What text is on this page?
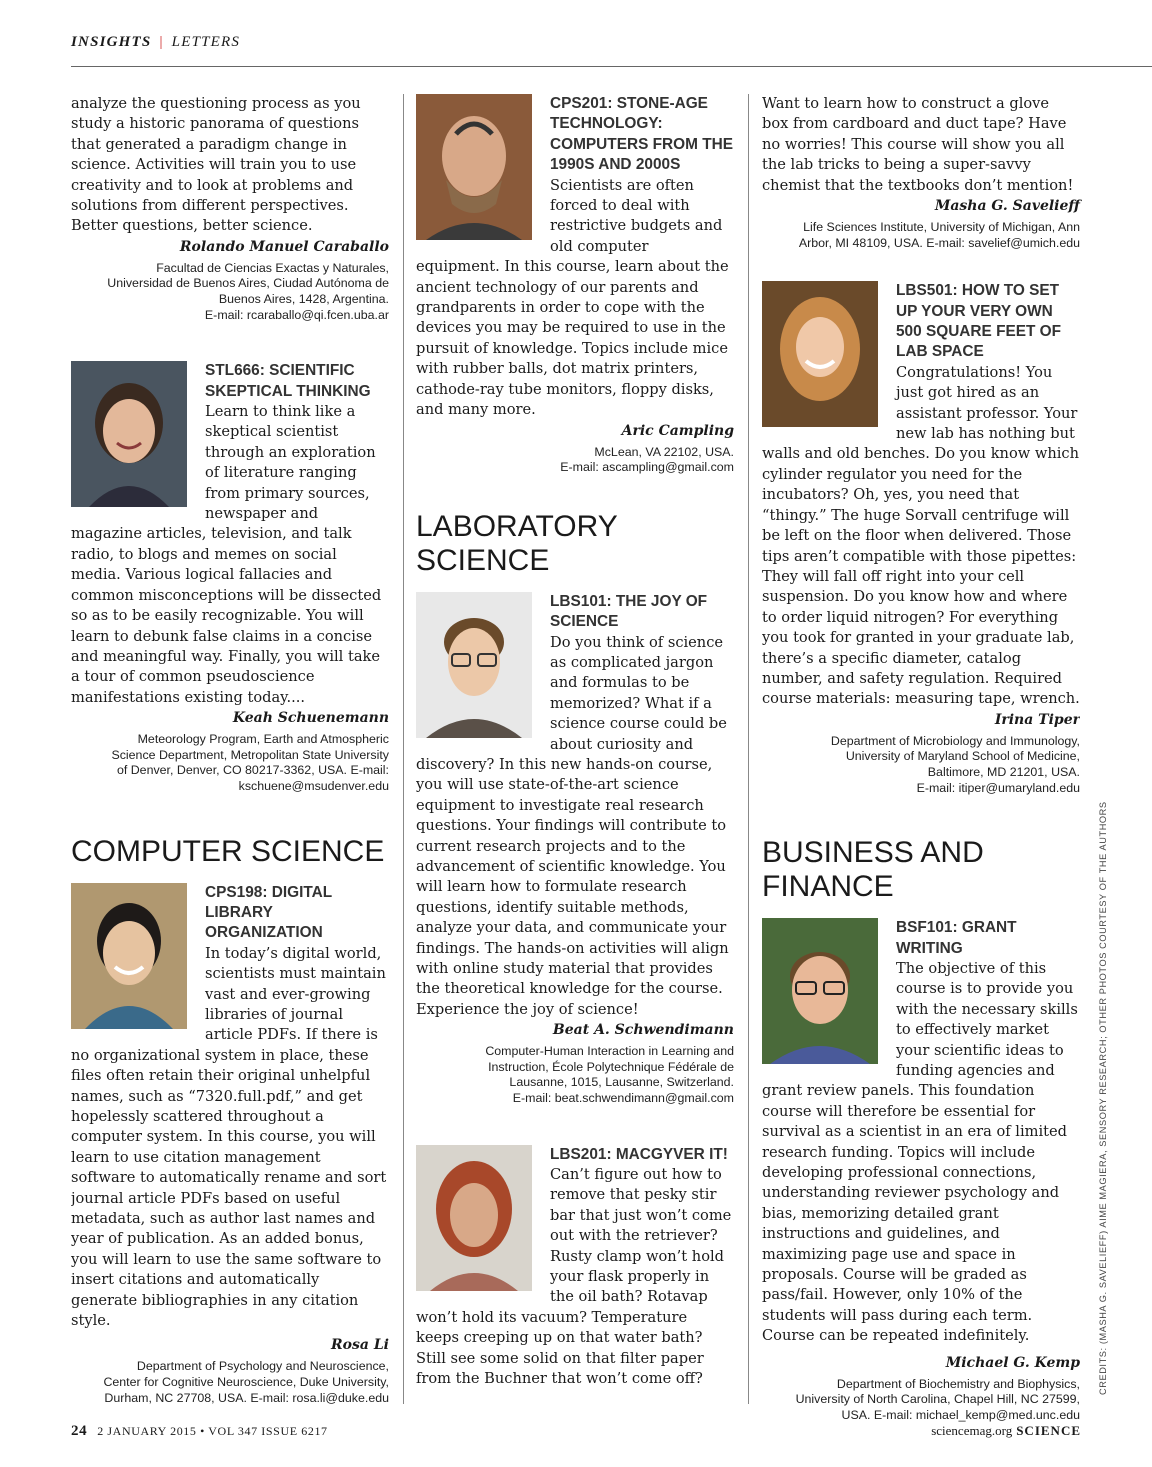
INSIGHTS | LETTERS

analyze the questioning process as you study a historic panorama of questions that generated a paradigm change in science. Activities will train you to use creativity and to look at problems and solutions from different perspectives. Better questions, better science.

Rolando Manuel Caraballo
Facultad de Ciencias Exactas y Naturales,
Universidad de Buenos Aires, Ciudad Autónoma de
Buenos Aires, 1428, Argentina.
E-mail: rcaraballo@qi.fcen.uba.ar
STL666: SCIENTIFIC SKEPTICAL THINKING

Learn to think like a skeptical scientist through an exploration of literature ranging from primary sources, newspaper and magazine articles, television, and talk radio, to blogs and memes on social media. Various logical fallacies and common misconceptions will be dissected so as to be easily recognizable. You will learn to debunk false claims in a concise and meaningful way. Finally, you will take a tour of common pseudoscience manifestations existing today....

Keah Schuenemann
Meteorology Program, Earth and Atmospheric
Science Department, Metropolitan State University
of Denver, Denver, CO 80217-3362, USA. E-mail:
kschuene@msudenver.edu
COMPUTER SCIENCE
CPS198: DIGITAL LIBRARY ORGANIZATION

In today’s digital world, scientists must maintain vast and ever-growing libraries of journal article PDFs. If there is no organizational system in place, these files often retain their original unhelpful names, such as “7320.full.pdf,” and get hopelessly scattered throughout a computer system. In this course, you will learn to use citation management software to automatically rename and sort journal article PDFs based on useful metadata, such as author last names and year of publication. As an added bonus, you will learn to use the same software to insert citations and automatically generate bibliographies in any citation style.

Rosa Li
Department of Psychology and Neuroscience,
Center for Cognitive Neuroscience, Duke University,
Durham, NC 27708, USA. E-mail: rosa.li@duke.edu
CPS201: STONE-AGE TECHNOLOGY: COMPUTERS FROM THE 1990S AND 2000S

Scientists are often forced to deal with restrictive budgets and old computer equipment. In this course, learn about the ancient technology of our parents and grandparents in order to cope with the devices you may be required to use in the pursuit of knowledge. Topics include mice with rubber balls, dot matrix printers, cathode-ray tube monitors, floppy disks, and many more.

Aric Campling
McLean, VA 22102, USA.
E-mail: ascampling@gmail.com
LABORATORY SCIENCE
LBS101: THE JOY OF SCIENCE

Do you think of science as complicated jargon and formulas to be memorized? What if a science course could be about curiosity and discovery? In this new hands-on course, you will use state-of-the-art science equipment to investigate real research questions. Your findings will contribute to current research projects and to the advancement of scientific knowledge. You will learn how to formulate research questions, identify suitable methods, analyze your data, and communicate your findings. The hands-on activities will align with online study material that provides the theoretical knowledge for the course. Experience the joy of science!

Beat A. Schwendimann
Computer-Human Interaction in Learning and
Instruction, École Polytechnique Fédérale de
Lausanne, 1015, Lausanne, Switzerland.
E-mail: beat.schwendimann@gmail.com
LBS201: MACGYVER IT!

Can’t figure out how to remove that pesky stir bar that just won’t come out with the retriever? Rusty clamp won’t hold your flask properly in the oil bath? Rotavap won’t hold its vacuum? Temperature keeps creeping up on that water bath? Still see some solid on that filter paper from the Buchner that won’t come off?

Want to learn how to construct a glove box from cardboard and duct tape? Have no worries! This course will show you all the lab tricks to being a super-savvy chemist that the textbooks don’t mention!

Masha G. Savelieff
Life Sciences Institute, University of Michigan, Ann
Arbor, MI 48109, USA. E-mail: savelief@umich.edu
LBS501: HOW TO SET UP YOUR VERY OWN 500 SQUARE FEET OF LAB SPACE

Congratulations! You just got hired as an assistant professor. Your new lab has nothing but walls and old benches. Do you know which cylinder regulator you need for the incubators? Oh, yes, you need that “thingy.” The huge Sorvall centrifuge will be left on the floor when delivered. Those tips aren’t compatible with those pipettes: They will fall off right into your cell suspension. Do you know how and where to order liquid nitrogen? For everything you took for granted in your graduate lab, there’s a specific diameter, catalog number, and safety regulation. Required course materials: measuring tape, wrench.

Irina Tiper
Department of Microbiology and Immunology,
University of Maryland School of Medicine,
Baltimore, MD 21201, USA.
E-mail: itiper@umaryland.edu
BUSINESS AND FINANCE
BSF101: GRANT WRITING

The objective of this course is to provide you with the necessary skills to effectively market your scientific ideas to funding agencies and grant review panels. This foundation course will therefore be essential for survival as a scientist in an era of limited research funding. Topics will include developing professional connections, understanding reviewer psychology and bias, memorizing detailed grant instructions and guidelines, and maximizing page use and space in proposals. Course will be graded as pass/fail. However, only 10% of the students will pass during each term. Course can be repeated indefinitely.

Michael G. Kemp
Department of Biochemistry and Biophysics,
University of North Carolina, Chapel Hill, NC 27599,
USA. E-mail: michael_kemp@med.unc.edu
CREDITS: (MASHA G. SAVELIEFF) AIME MAGIERA, SENSORY RESEARCH; OTHER PHOTOS COURTESY OF THE AUTHORS
24 2 JANUARY 2015 • VOL 347 ISSUE 6217	sciencemag.org SCIENCE
